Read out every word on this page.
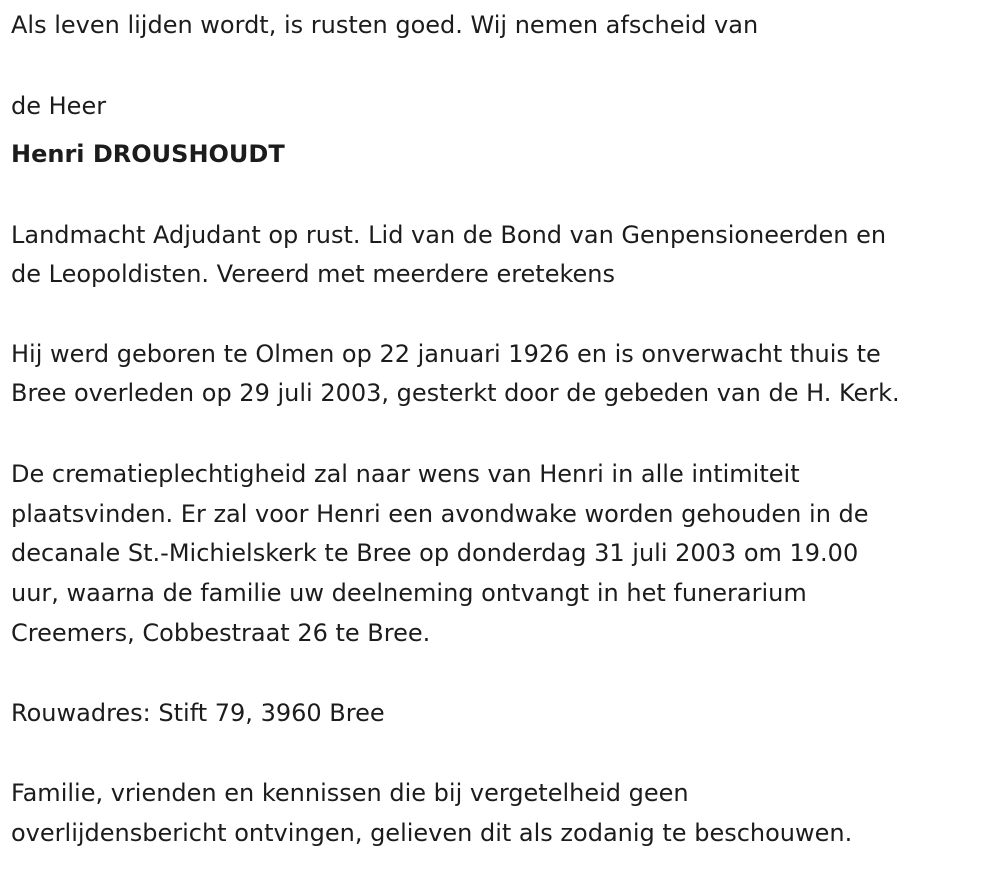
Als leven lijden wordt, is rusten goed. Wij nemen afscheid van
de Heer
Henri DROUSHOUDT
Landmacht Adjudant op rust. Lid van de Bond van Genpensioneerden en
de Leopoldisten. Vereerd met meerdere eretekens
Hij werd geboren te Olmen op 22 januari 1926 en is onverwacht thuis te
Bree overleden op 29 juli 2003, gesterkt door de gebeden van de H. Kerk.
De crematieplechtigheid zal naar wens van Henri in alle intimiteit
plaatsvinden. Er zal voor Henri een avondwake worden gehouden in de
decanale St.-Michielskerk te Bree op donderdag 31 juli 2003 om 19.00
uur, waarna de familie uw deelneming ontvangt in het funerarium
Creemers, Cobbestraat 26 te Bree.
Rouwadres: Stift 79, 3960 Bree
Familie, vrienden en kennissen die bij vergetelheid geen
overlijdensbericht ontvingen, gelieven dit als zodanig te beschouwen.
